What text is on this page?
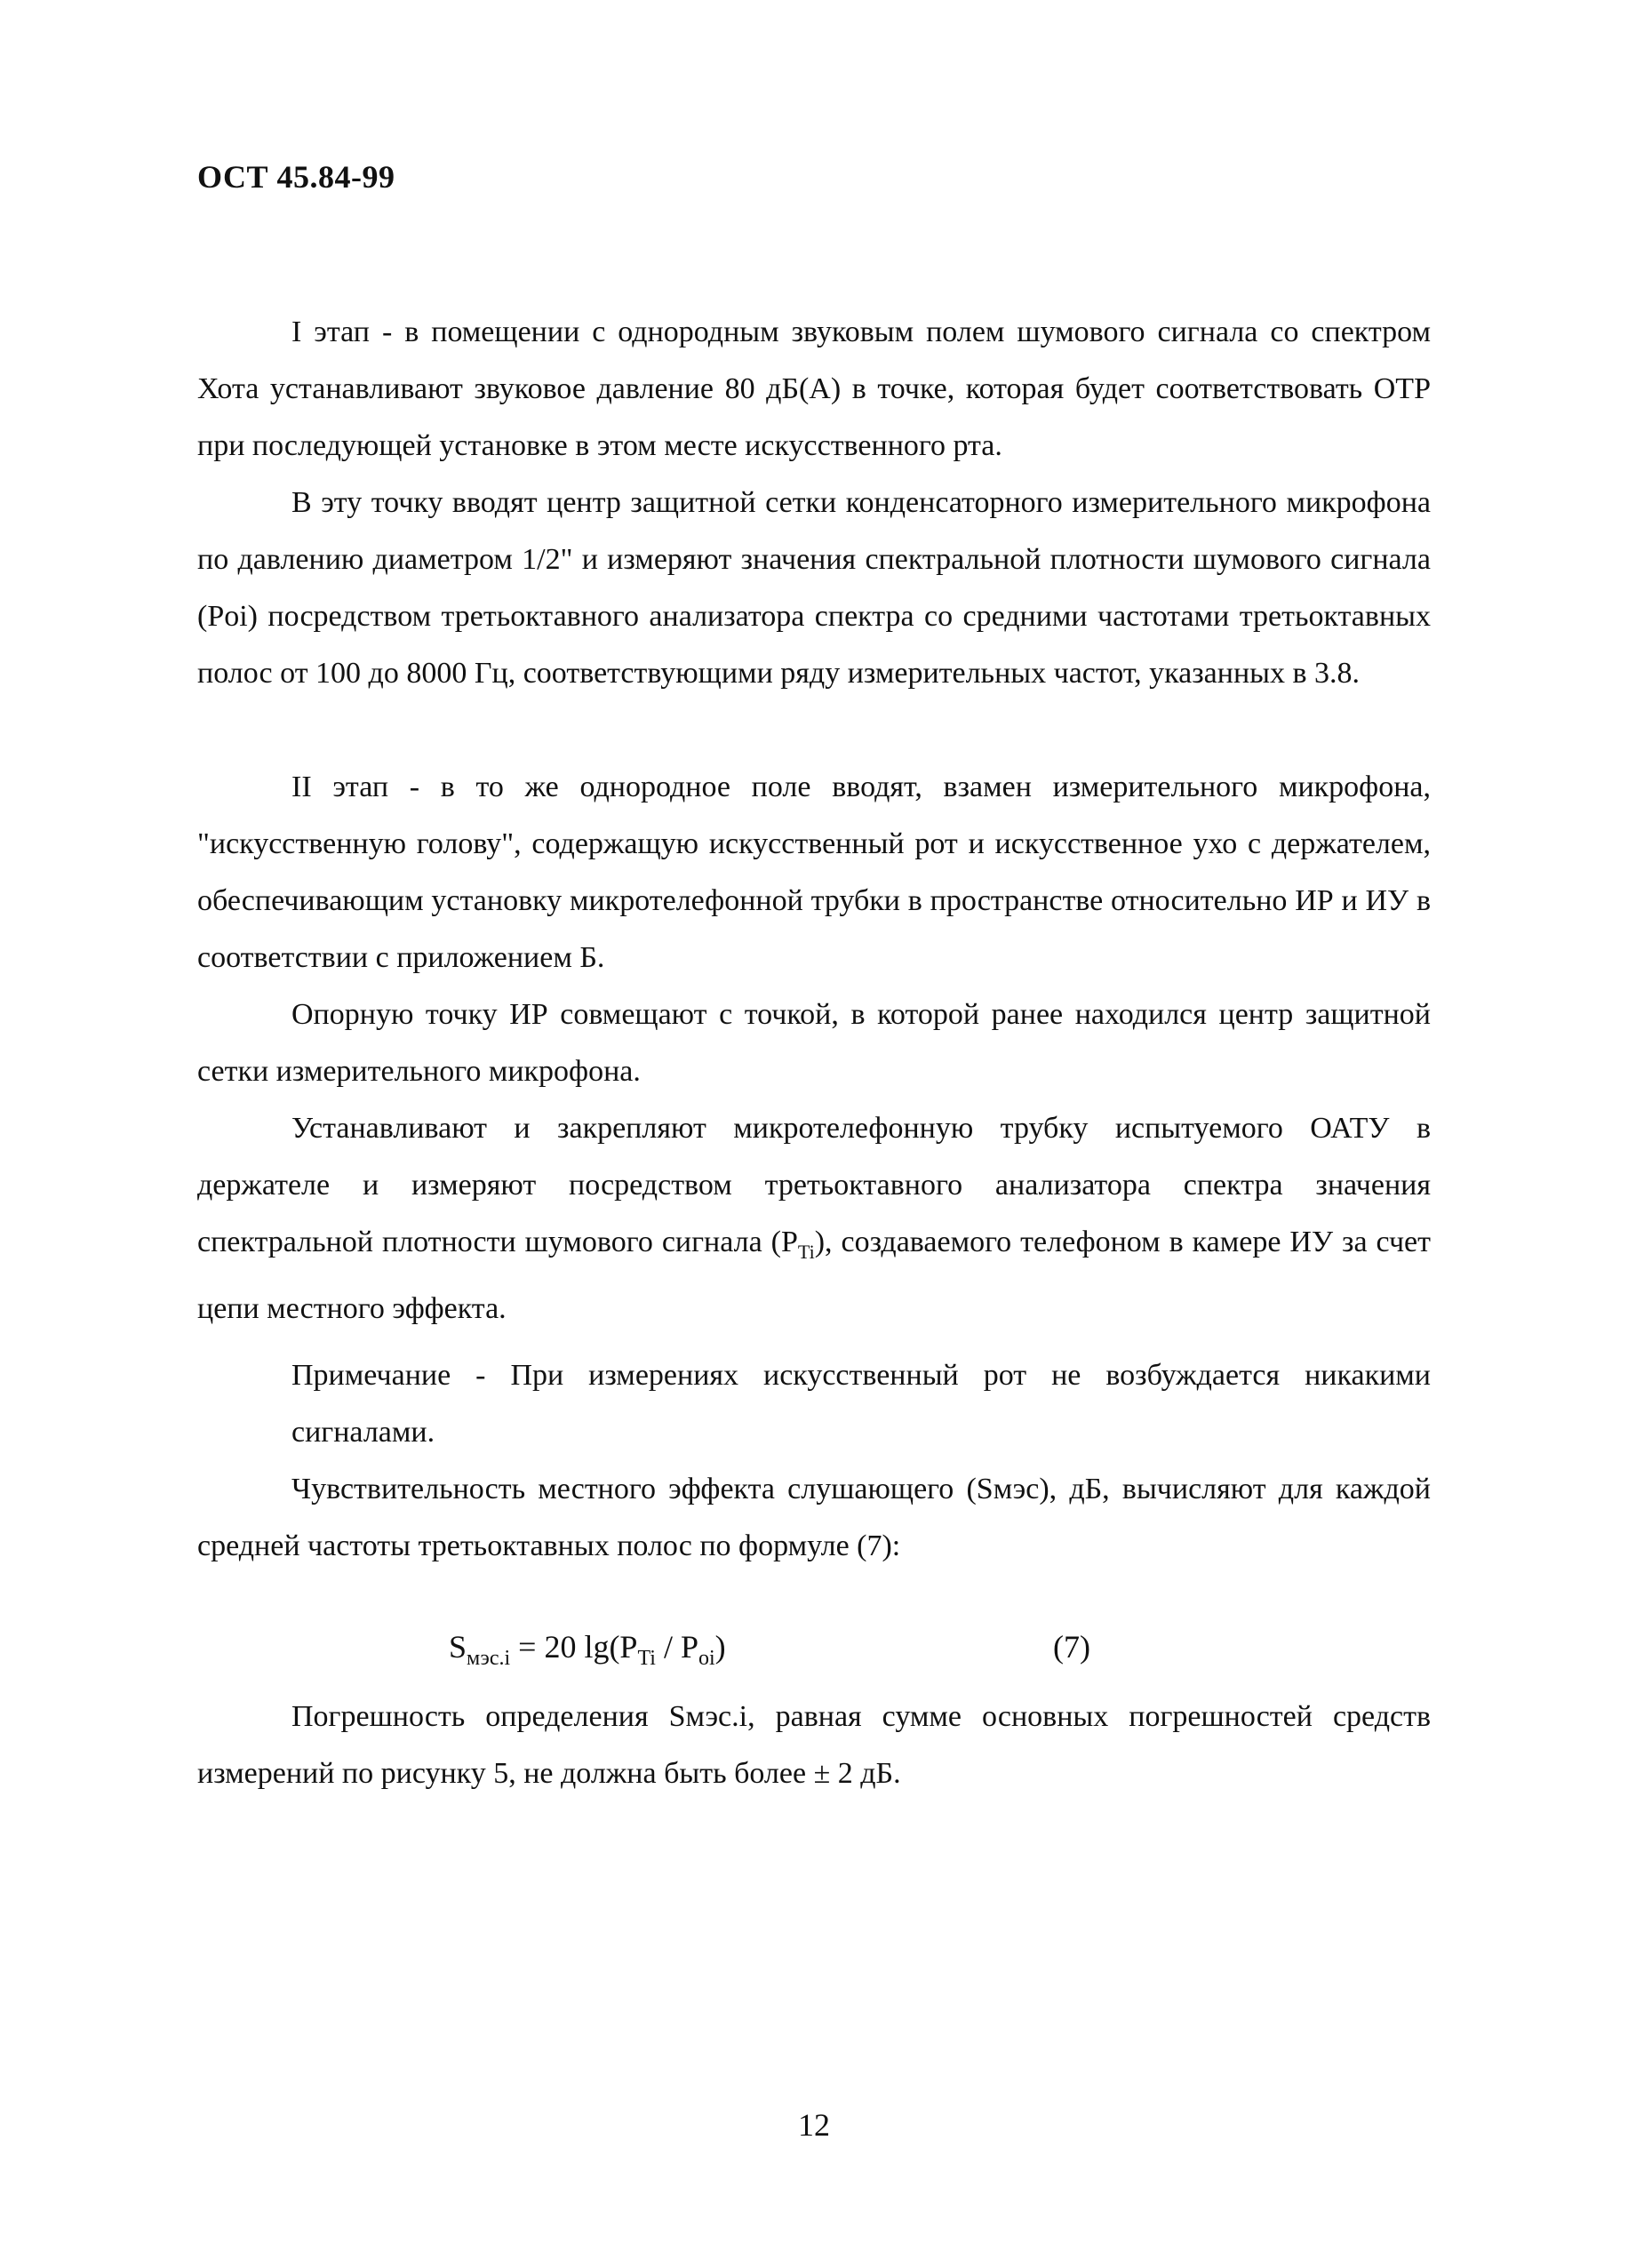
ОСТ 45.84-99

I этап - в помещении с однородным звуковым полем шумового сигнала со спектром Хота устанавливают звуковое давление 80 дБ(А) в точке, которая будет соответствовать ОТР при последующей установке в этом месте искусственного рта.

В эту точку вводят центр защитной сетки конденсаторного измерительного микрофона по давлению диаметром 1/2" и измеряют значения спектральной плотности шумового сигнала (Poi) посредством третьоктавного анализатора спектра со средними частотами третьоктавных полос от 100 до 8000 Гц, соответствующими ряду измерительных частот, указанных в 3.8.

II этап - в то же однородное поле вводят, взамен измерительного микрофона, "искусственную голову", содержащую искусственный рот и искусственное ухо с держателем, обеспечивающим установку микротелефонной трубки в пространстве относительно ИР и ИУ в соответствии с приложением Б.

Опорную точку ИР совмещают с точкой, в которой ранее находился центр защитной сетки измерительного микрофона.

Устанавливают и закрепляют микротелефонную трубку испытуемого ОАТУ в держателе и измеряют посредством третьоктавного анализатора спектра значения спектральной плотности шумового сигнала $(P_{Ti})$, создаваемого телефоном в камере ИУ за счет цепи местного эффекта.

Примечание - При измерениях искусственный рот не возбуждается никакими сигналами.

Чувствительность местного эффекта слушающего (Sмэс), дБ, вычисляют для каждой средней частоты третьоктавных полос по формуле (7):

$S_{мэс.i} = 20$ $\lg(P_{Ti} / P_{oi})$	(7)

Погрешность определения Sмэс.i, равная сумме основных погрешностей средств измерений по рисунку 5, не должна быть более ± 2 дБ.

12
